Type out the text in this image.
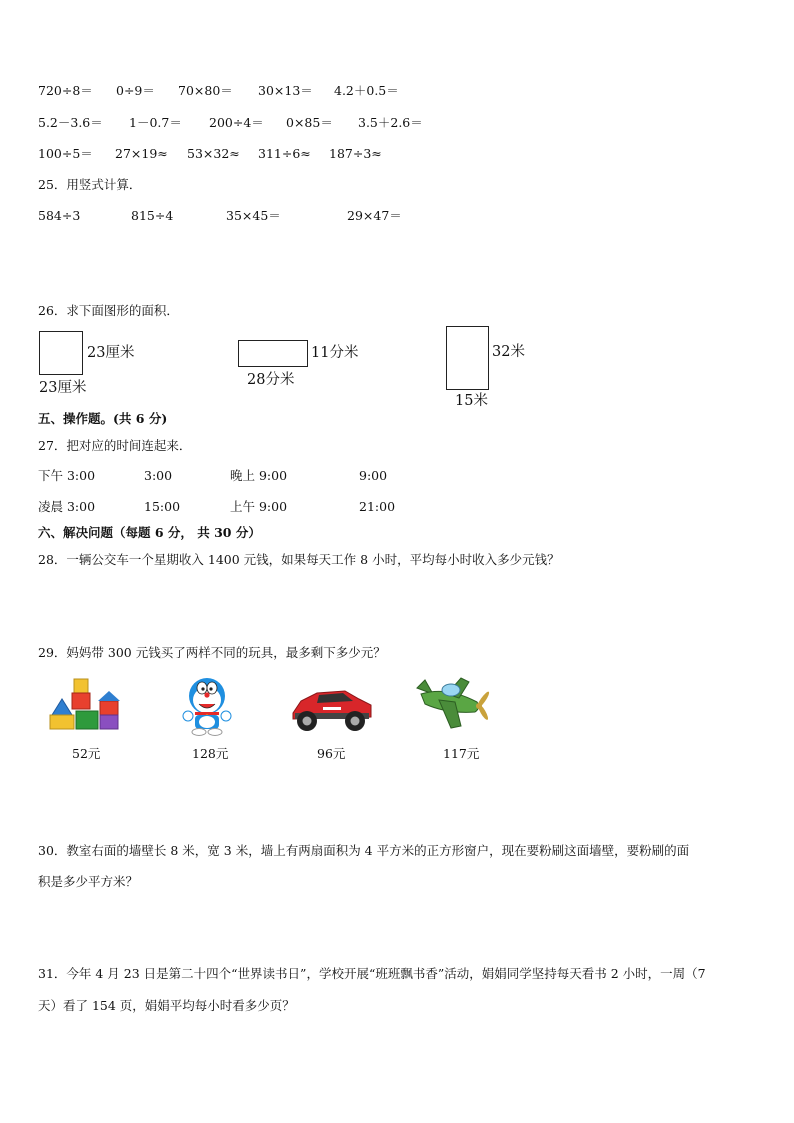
720÷8＝ 0÷9＝ 70×80＝ 30×13＝ 4.2＋0.5＝
5.2－3.6＝ 1－0.7＝ 200÷4＝ 0×85＝ 3.5＋2.6＝
100÷5＝ 27×19≈ 53×32≈ 311÷6≈ 187÷3≈
25．用竖式计算．
584÷3	815÷4	35×45＝	29×47＝
26．求下面图形的面积．
23厘米
23厘米
11分米
28分米
32米
15米
五、操作题。(共 6 分)
27．把对应的时间连起来．
下午 3:00	3:00	晚上 9:00	9:00
凌晨 3:00	15:00	上午 9:00	21:00
六、解决问题（每题 6 分， 共 30 分）
28．一辆公交车一个星期收入 1400 元钱，如果每天工作 8 小时，平均每小时收入多少元钱？
29．妈妈带 300 元钱买了两样不同的玩具，最多剩下多少元？
52元	128元	96元	117元
30．教室右面的墙壁长 8 米，宽 3 米，墙上有两扇面积为 4 平方米的正方形窗户，现在要粉刷这面墙壁，要粉刷的面
积是多少平方米？
31．今年 4 月 23 日是第二十四个“世界读书日”，学校开展“班班飘书香”活动，娟娟同学坚持每天看书 2 小时，一周（7
天）看了 154 页，娟娟平均每小时看多少页？
